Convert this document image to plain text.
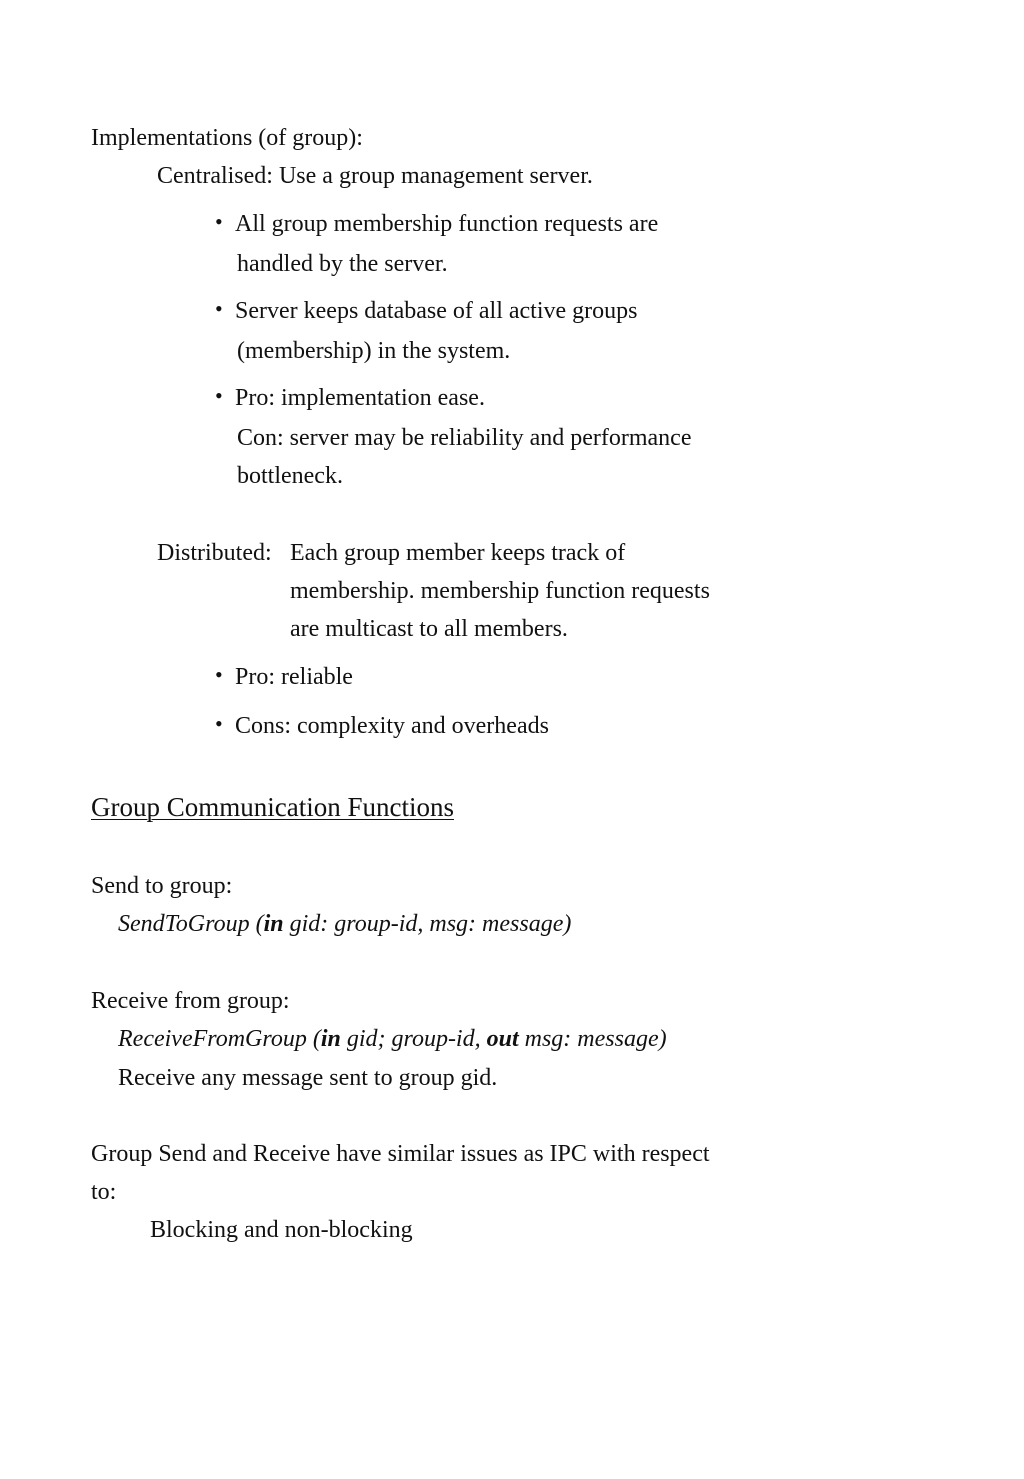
Implementations (of group):
Centralised: Use a group management server.
• All group membership function requests are
handled by the server.
• Server keeps database of all active groups
(membership) in the system.
• Pro: implementation ease.
Con: server may be reliability and performance
bottleneck.
Distributed: Each group member keeps track of
membership. membership function requests
are multicast to all members.
• Pro: reliable
• Cons: complexity and overheads
Group Communication Functions
Send to group:
SendToGroup (in gid: group-id, msg: message)
Receive from group:
ReceiveFromGroup (in gid; group-id, out msg: message)
Receive any message sent to group gid.
Group Send and Receive have similar issues as IPC with respect
to:
Blocking and non-blocking
